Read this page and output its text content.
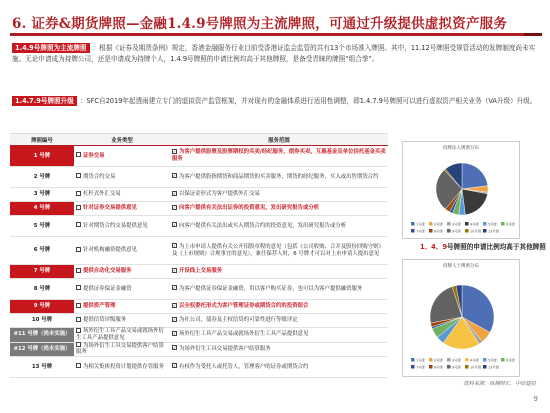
6. 证券&期货牌照—金融1.4.9号牌照为主流牌照，可通过升级提供虚拟资产服务
1.4.9号牌照为主流牌照 ：根据《证券及期货条例》规定，香港金融服务行业目前受香港证监会监管的共有13个市场准入牌照。其中，11.12号牌照受规管活动的发牌制度尚未实施。无论申请成为持牌公司，还是申请成为持牌个人，1.4.9号牌照的申请比例均高于其他牌照，是备受青睐的牌照“组合拳”。
1.4.7.9号牌照升级 ：SFC自2019年起透雨建立专门的虚拟资产监管框架，并对现有的金融体系进行适用性调整，即1.4.7.9号牌照可以进行虚拟资产相关业务（VA升级）升级。
牌照编号	业务类型	服务范围
1 号牌	证券交易	✓ 为客户提供股票及股票期权的买卖/经纪服务，债券买卖，互惠基金及单位信托基金买卖服务
2 号牌	期货合约交易	✓ 为客户提供股指期货和商品期货的买卖服务，期货的经纪服务，买入或出售期货合约
3 号牌	杠杆式外汇交易	✓ 以保证金形式为客户提供外汇交易
4 号牌	针对证券交易提供意见	✓ 向客户提供有关法出证券的投资意见，发出研究报告或分析
5 号牌	针对期货合约交易提供意见	✓ 向客户提供有关法出或买入期货合约的投资意见，发出研究报告或分析
6 号牌	针对机构融资提供意见	✓ 为上市申请人提供有关公开招股章程的意见（包括《公司收购、合并及股份回购守则》及《上市规则》合规事宜的意见），兼任保荐人时，6 号牌才可以对上市申请人提出意见
7 号牌	提供自动化交易服务	✓ 开设线上交易服务
8 号牌	提供证券保证金融资	✓ 为客户提供证券保证金融资，用以客户购买证券，也可以为客户提供融资服务
9 号牌	提供资产管理	✓ 以全权委托形式为客户管理证券或期货合约的投资组合
10 号牌	提供信贷评级服务	✓ 为社公司、债券及主权信贷的可靠性进行等级评定
#11 号牌（尚未实施）	场外衍生工具产品交易或就场外衍生工具产品提供意见	✓ 场外衍生工具产品交易或就场外衍生工具产品提供意见
#12 号牌（尚未实施）	为场外衍生工具交易提供客户结算服务	✓ 为场外衍生工具交易提供客户结算服务
13 号牌	为相关集体投资计划提供存管服务	✓ 有权作为受托人或托管人，管理客户的证券或期货合约
持牌法人牌照分布
1号牌	2号牌	3号牌	4号牌	5号牌	6号牌
7号牌	8号牌	9号牌	10号牌 13号牌
1、4、9号牌照的申请比例均高于其他牌照
持牌人士牌照分布
1号牌	2号牌	3号牌	4号牌	5号牌	6号牌
7号牌	8号牌	9号牌	10号牌 13号牌
资料来源：纵横财汇，中信建投
9
